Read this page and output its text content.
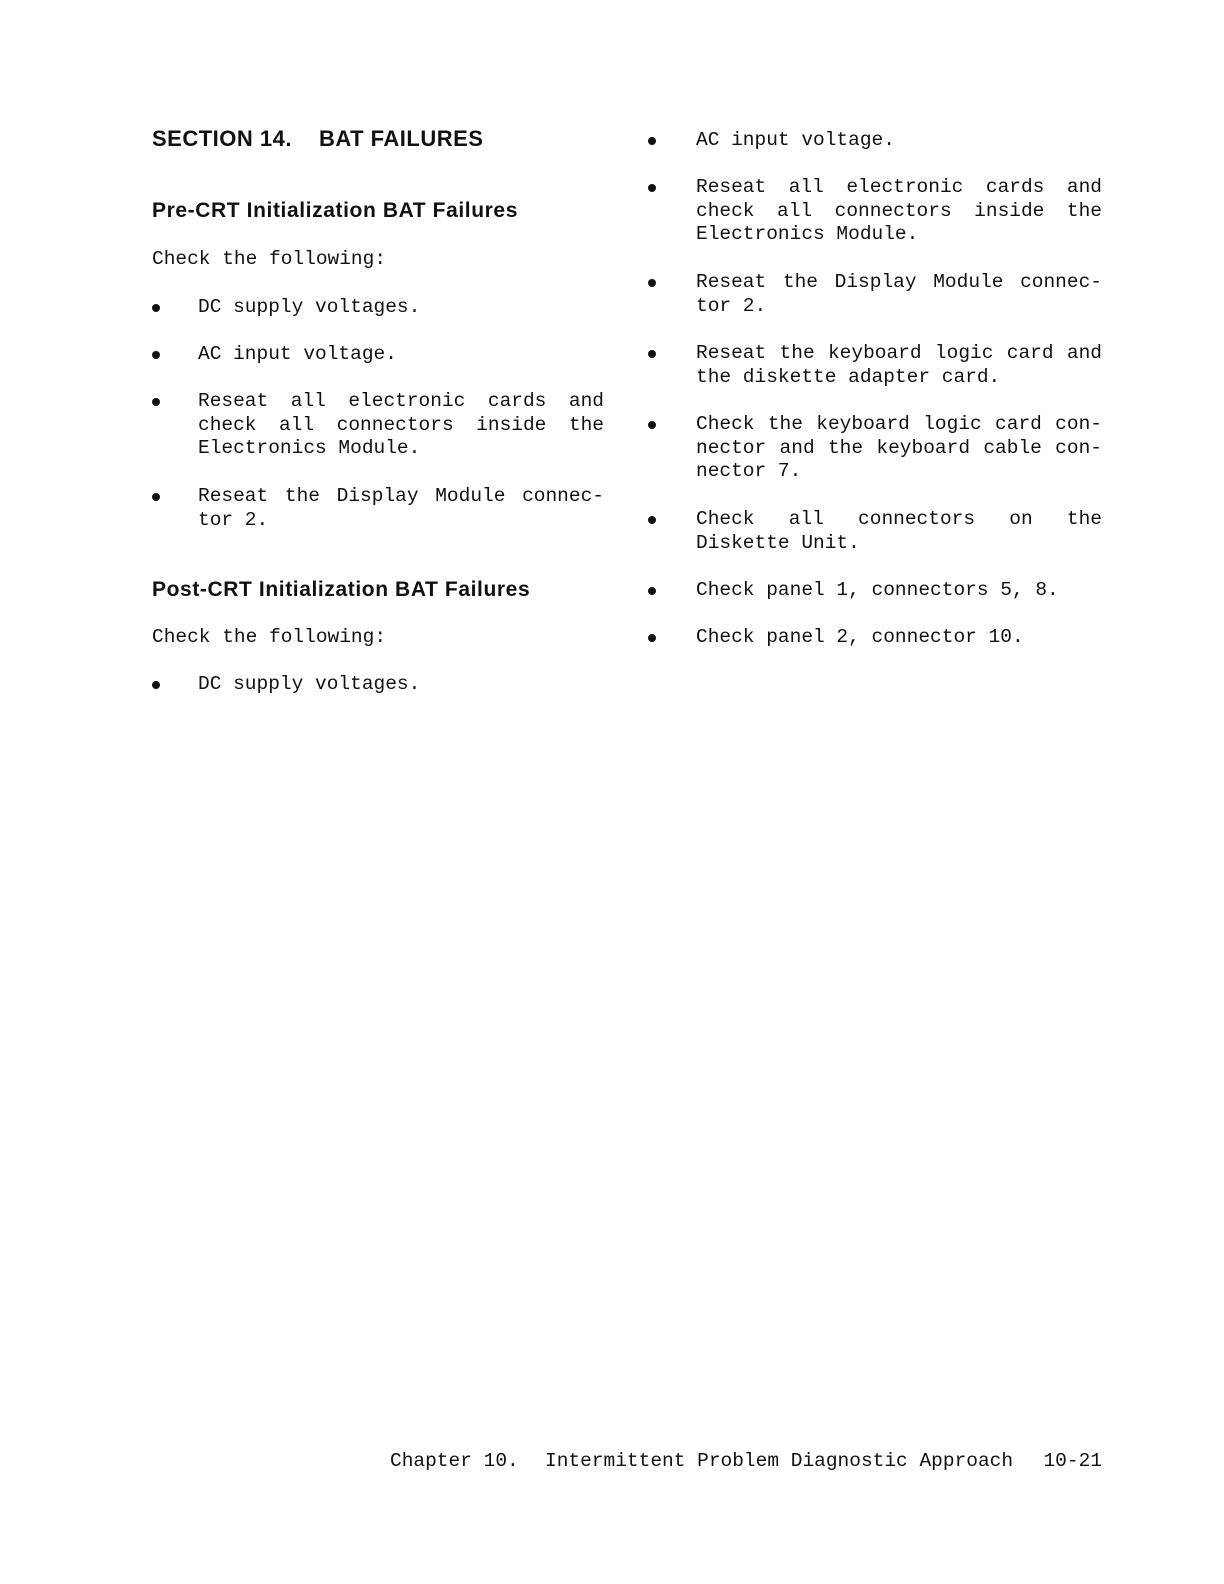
SECTION 14. BAT FAILURES
Pre-CRT Initialization BAT Failures

Check the following:

DC supply voltages.
AC input voltage.
Reseat all electronic cards and
check all connectors inside the
Electronics Module.
Reseat the Display Module connec-
tor 2.
Post-CRT Initialization BAT Failures

Check the following:

DC supply voltages.
AC input voltage.
Reseat all electronic cards and
check all connectors inside the
Electronics Module.
Reseat the Display Module connec-
tor 2.
Reseat the keyboard logic card and
the diskette adapter card.
Check the keyboard logic card con-
nector and the keyboard cable con-
nector 7.
Check all connectors on the
Diskette Unit.
Check panel 1, connectors 5, 8.
Check panel 2, connector 10.
Chapter 10. Intermittent Problem Diagnostic Approach 10-21
